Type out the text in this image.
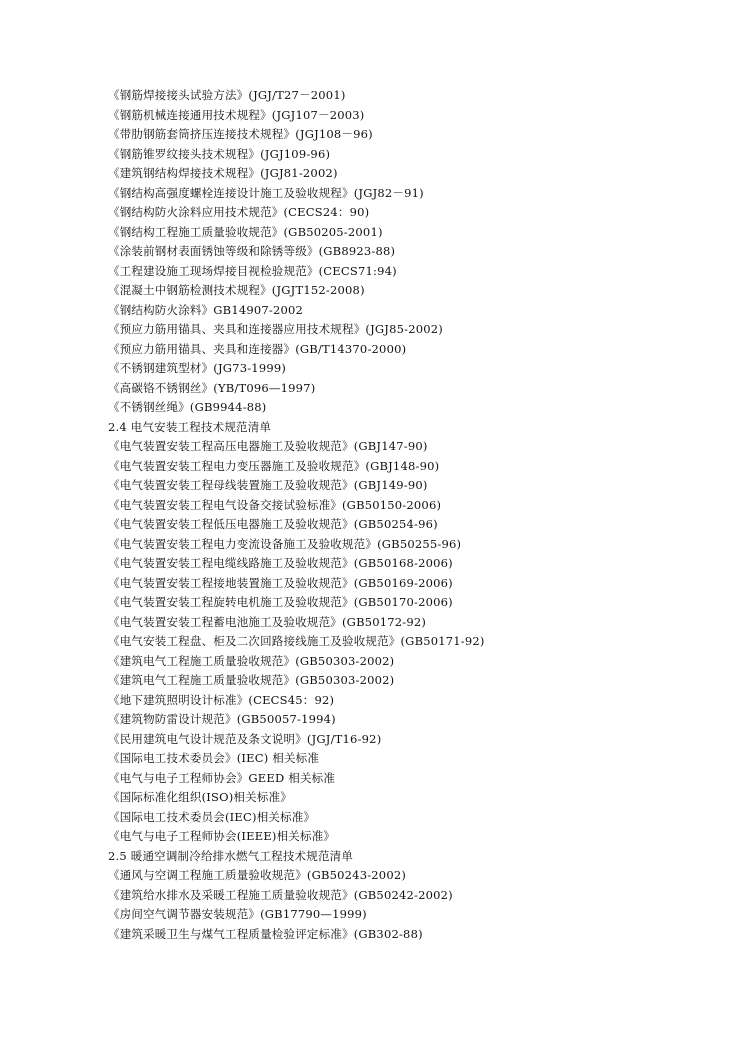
《钢筋焊接接头试验方法》(JGJ/T27－2001)
《钢筋机械连接通用技术规程》(JGJ107－2003)
《带肋钢筋套筒挤压连接技术规程》(JGJ108－96)
《钢筋锥罗纹接头技术规程》(JGJ109-96)
《建筑钢结构焊接技术规程》(JGJ81-2002)
《钢结构高强度螺栓连接设计施工及验收规程》(JGJ82－91)
《钢结构防火涂料应用技术规范》(CECS24：90)
《钢结构工程施工质量验收规范》(GB50205-2001)
《涂装前钢材表面锈蚀等级和除锈等级》(GB8923-88)
《工程建设施工现场焊接目视检验规范》(CECS71:94)
《混凝土中钢筋检测技术规程》(JGJT152-2008)
《钢结构防火涂料》GB14907-2002
《预应力筋用锚具、夹具和连接器应用技术规程》(JGJ85-2002)
《预应力筋用锚具、夹具和连接器》(GB/T14370-2000)
《不锈钢建筑型材》(JG73-1999)
《高碳铬不锈钢丝》(YB/T096—1997)
《不锈钢丝绳》(GB9944-88)
2.4 电气安装工程技术规范清单
《电气装置安装工程高压电器施工及验收规范》(GBJ147-90)
《电气装置安装工程电力变压器施工及验收规范》(GBJ148-90)
《电气装置安装工程母线装置施工及验收规范》(GBJ149-90)
《电气装置安装工程电气设备交接试验标准》(GB50150-2006)
《电气装置安装工程低压电器施工及验收规范》(GB50254-96)
《电气装置安装工程电力变流设备施工及验收规范》(GB50255-96)
《电气装置安装工程电缆线路施工及验收规范》(GB50168-2006)
《电气装置安装工程接地装置施工及验收规范》(GB50169-2006)
《电气装置安装工程旋转电机施工及验收规范》(GB50170-2006)
《电气装置安装工程蓄电池施工及验收规范》(GB50172-92)
《电气安装工程盘、柜及二次回路接线施工及验收规范》(GB50171-92)
《建筑电气工程施工质量验收规范》(GB50303-2002)
《建筑电气工程施工质量验收规范》(GB50303-2002)
《地下建筑照明设计标准》(CECS45：92)
《建筑物防雷设计规范》(GB50057-1994)
《民用建筑电气设计规范及条文说明》(JGJ/T16-92)
《国际电工技术委员会》(IEC) 相关标准
《电气与电子工程师协会》GEED 相关标准
《国际标准化组织(ISO)相关标准》
《国际电工技术委员会(IEC)相关标准》
《电气与电子工程师协会(IEEE)相关标准》
2.5 暖通空调制冷给排水燃气工程技术规范清单
《通风与空调工程施工质量验收规范》(GB50243-2002)
《建筑给水排水及采暖工程施工质量验收规范》(GB50242-2002)
《房间空气调节器安装规范》(GB17790—1999)
《建筑采暖卫生与煤气工程质量检验评定标准》(GB302-88)
